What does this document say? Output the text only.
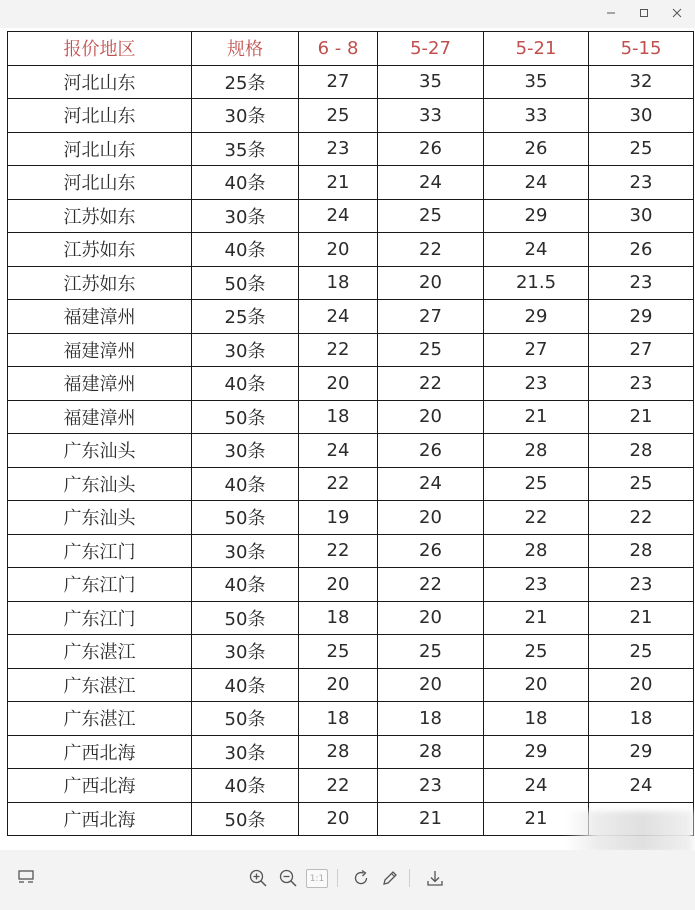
报价地区	规格	6 - 8	5-27	5-21	5-15
河北山东	25条	27	35	35	32
河北山东	30条	25	33	33	30
河北山东	35条	23	26	26	25
河北山东	40条	21	24	24	23
江苏如东	30条	24	25	29	30
江苏如东	40条	20	22	24	26
江苏如东	50条	18	20	21.5	23
福建漳州	25条	24	27	29	29
福建漳州	30条	22	25	27	27
福建漳州	40条	20	22	23	23
福建漳州	50条	18	20	21	21
广东汕头	30条	24	26	28	28
广东汕头	40条	22	24	25	25
广东汕头	50条	19	20	22	22
广东江门	30条	22	26	28	28
广东江门	40条	20	22	23	23
广东江门	50条	18	20	21	21
广东湛江	30条	25	25	25	25
广东湛江	40条	20	20	20	20
广东湛江	50条	18	18	18	18
广西北海	30条	28	28	29	29
广西北海	40条	22	23	24	24
广西北海	50条	20	21	21	
1:1
